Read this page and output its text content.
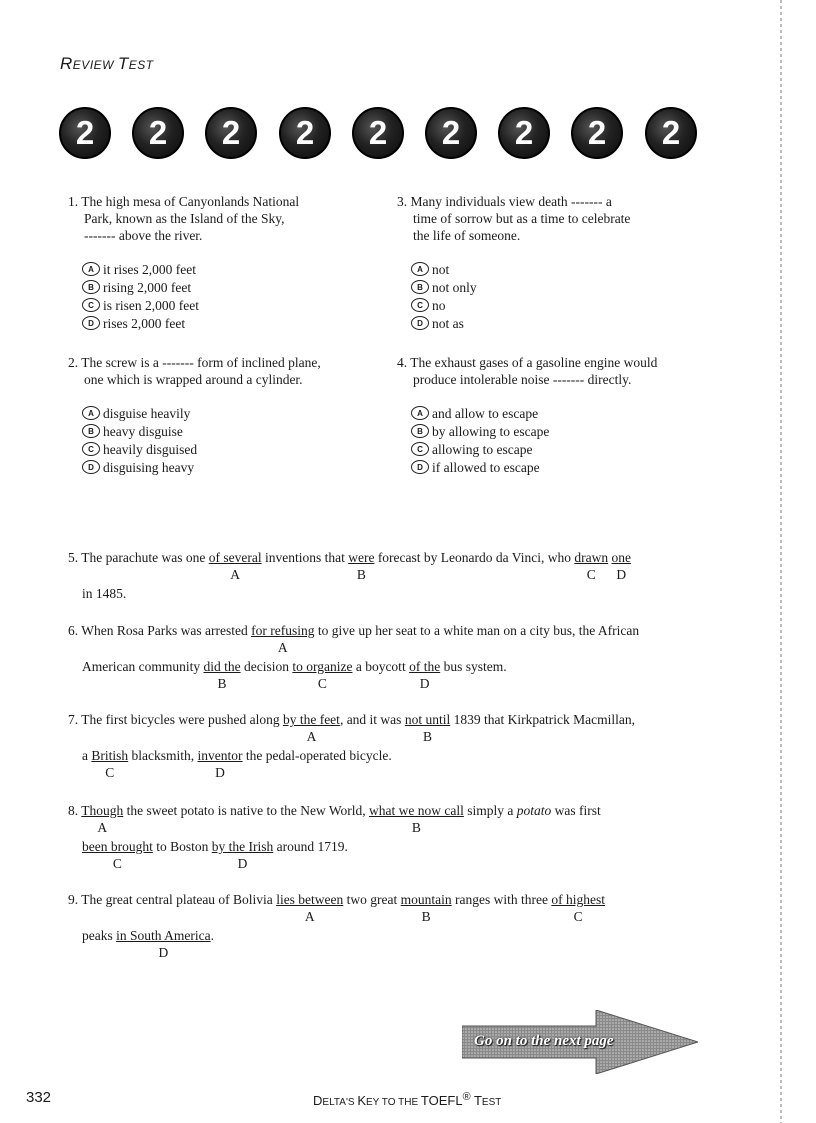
REVIEW TEST
2	2	2	2	2	2	2	2	2
1. The high mesa of Canyonlands National
Park, known as the Island of the Sky,
------- above the river.
A it rises 2,000 feet
B rising 2,000 feet
C is risen 2,000 feet
D rises 2,000 feet
3. Many individuals view death ------- a
time of sorrow but as a time to celebrate
the life of someone.
A not
B not only
C no
D not as
2. The screw is a ------- form of inclined plane,
one which is wrapped around a cylinder.
A disguise heavily
B heavy disguise
C heavily disguised
D disguising heavy
4. The exhaust gases of a gasoline engine would
produce intolerable noise ------- directly.
A and allow to escape
B by allowing to escape
C allowing to escape
D if allowed to escape
5. The parachute was one of several inventions that were forecast by Leonardo da Vinci, who drawn one
A	B	C D
in 1485.
6. When Rosa Parks was arrested for refusing to give up her seat to a white man on a city bus, the African
A
American community did the decision to organize a boycott of the bus system.
B	C	D
7. The first bicycles were pushed along by the feet, and it was not until 1839 that Kirkpatrick Macmillan,
A	B
a British blacksmith, inventor the pedal-operated bicycle.
C	D
8. Though the sweet potato is native to the New World, what we now call simply a potato was first
A	B
been brought to Boston by the Irish around 1719.
C	D
9. The great central plateau of Bolivia lies between two great mountain ranges with three of highest
A	B	C
peaks in South America.
D
Go on to the next page
332	DELTA'S KEY TO THE TOEFL® TEST
